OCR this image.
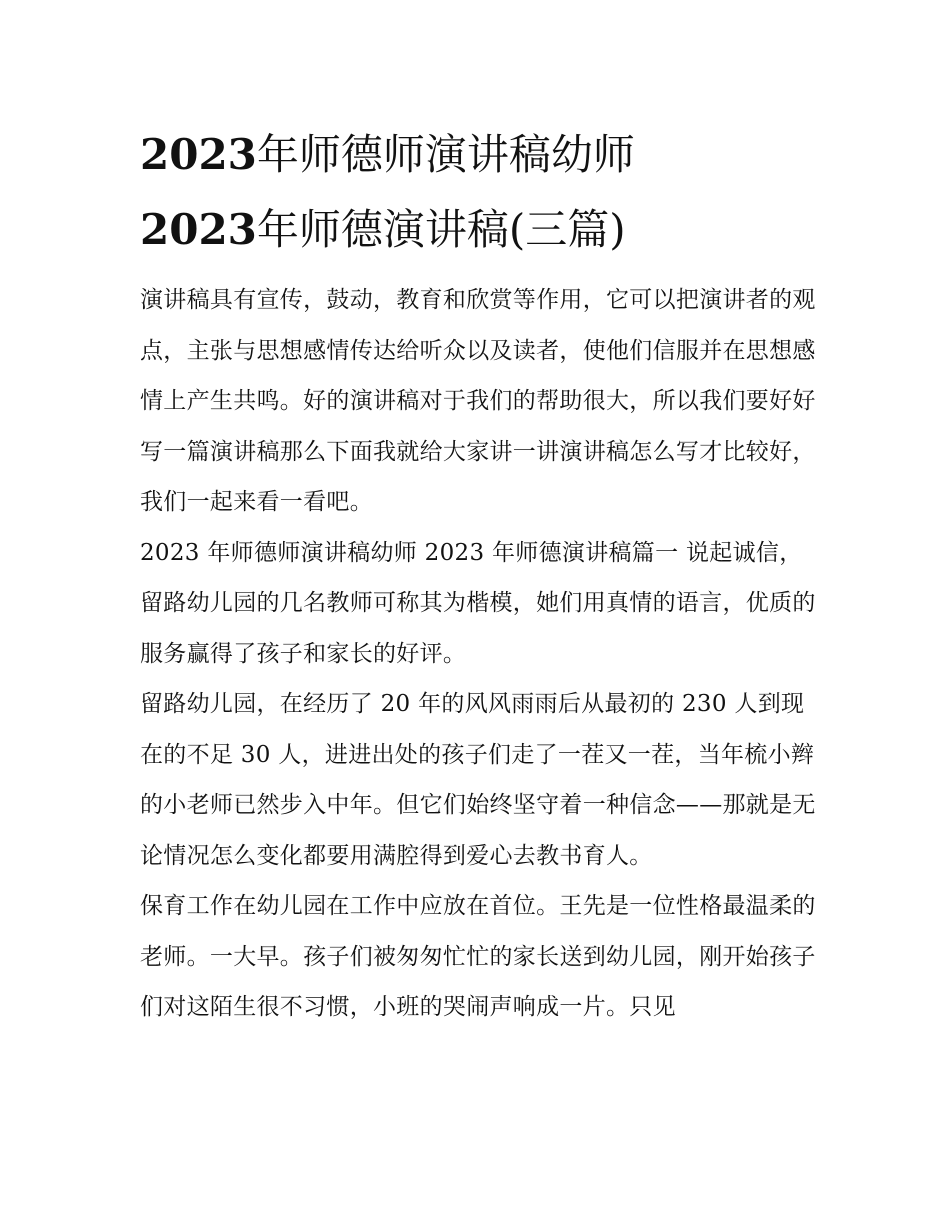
2023年师德师演讲稿幼师
2023年师德演讲稿(三篇)

演讲稿具有宣传，鼓动，教育和欣赏等作用，它可以把演讲者的观点，主张与思想感情传达给听众以及读者，使他们信服并在思想感情上产生共鸣。好的演讲稿对于我们的帮助很大，所以我们要好好写一篇演讲稿那么下面我就给大家讲一讲演讲稿怎么写才比较好，我们一起来看一看吧。

2023 年师德师演讲稿幼师 2023 年师德演讲稿篇一 说起诚信，留路幼儿园的几名教师可称其为楷模，她们用真情的语言，优质的服务赢得了孩子和家长的好评。

留路幼儿园，在经历了 20 年的风风雨雨后从最初的 230 人到现在的不足 30 人，进进出处的孩子们走了一茬又一茬，当年梳小辫的小老师已然步入中年。但它们始终坚守着一种信念——那就是无论情况怎么变化都要用满腔得到爱心去教书育人。

保育工作在幼儿园在工作中应放在首位。王先是一位性格最温柔的老师。一大早。孩子们被匆匆忙忙的家长送到幼儿园，刚开始孩子们对这陌生很不习惯，小班的哭闹声响成一片。只见
